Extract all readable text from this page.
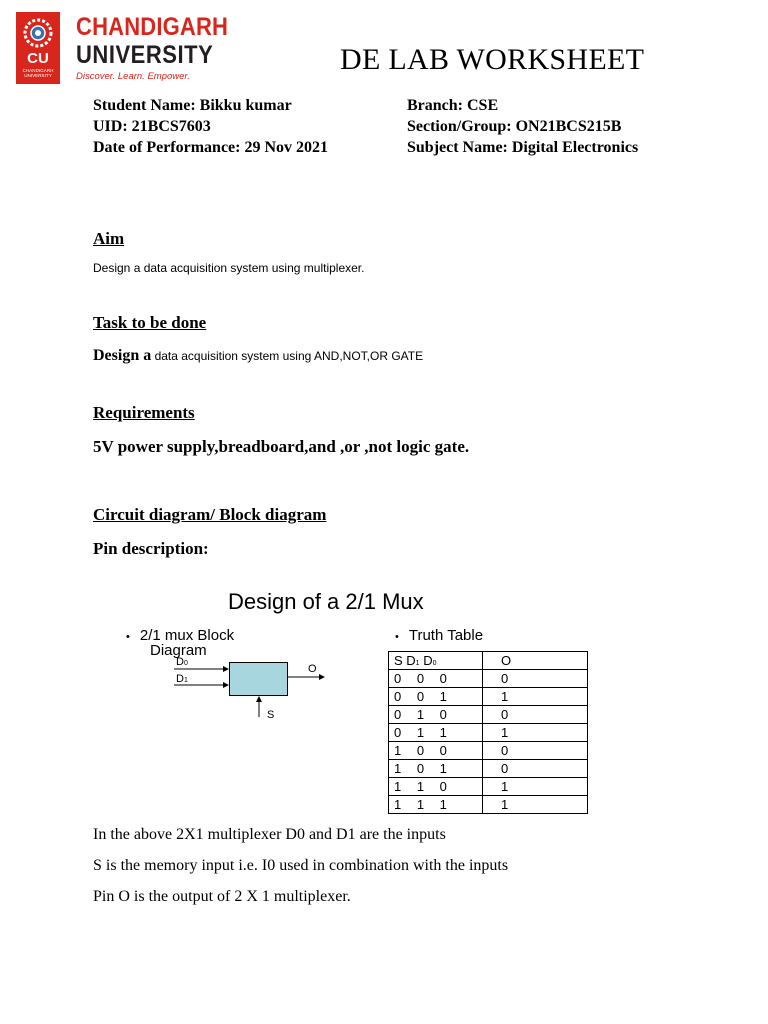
CU
CHANDIGARH UNIVERSITY
CHANDIGARH
UNIVERSITY
Discover. Learn. Empower.
DE LAB WORKSHEET
Student Name: Bikku kumar
UID: 21BCS7603
Date of Performance: 29 Nov 2021
Branch: CSE
Section/Group: ON21BCS215B
Subject Name: Digital Electronics
Aim
Design a data acquisition system using multiplexer.
Task to be done
Design a data acquisition system using AND,NOT,OR GATE
Requirements
5V power supply,breadboard,and ,or ,not logic gate.
Circuit diagram/ Block diagram
Pin description:
Design of a 2/1 Mux
• 2/1 mux Block
Diagram
• Truth Table
D0
D1
O
S
S D1 D0	O
0 0 0	0
0 0 1	1
0 1 0	0
0 1 1	1
1 0 0	0
1 0 1	0
1 1 0	1
1 1 1	1
In the above 2X1 multiplexer D0 and D1 are the inputs
S is the memory input i.e. I0 used in combination with the inputs
Pin O is the output of 2 X 1 multiplexer.
